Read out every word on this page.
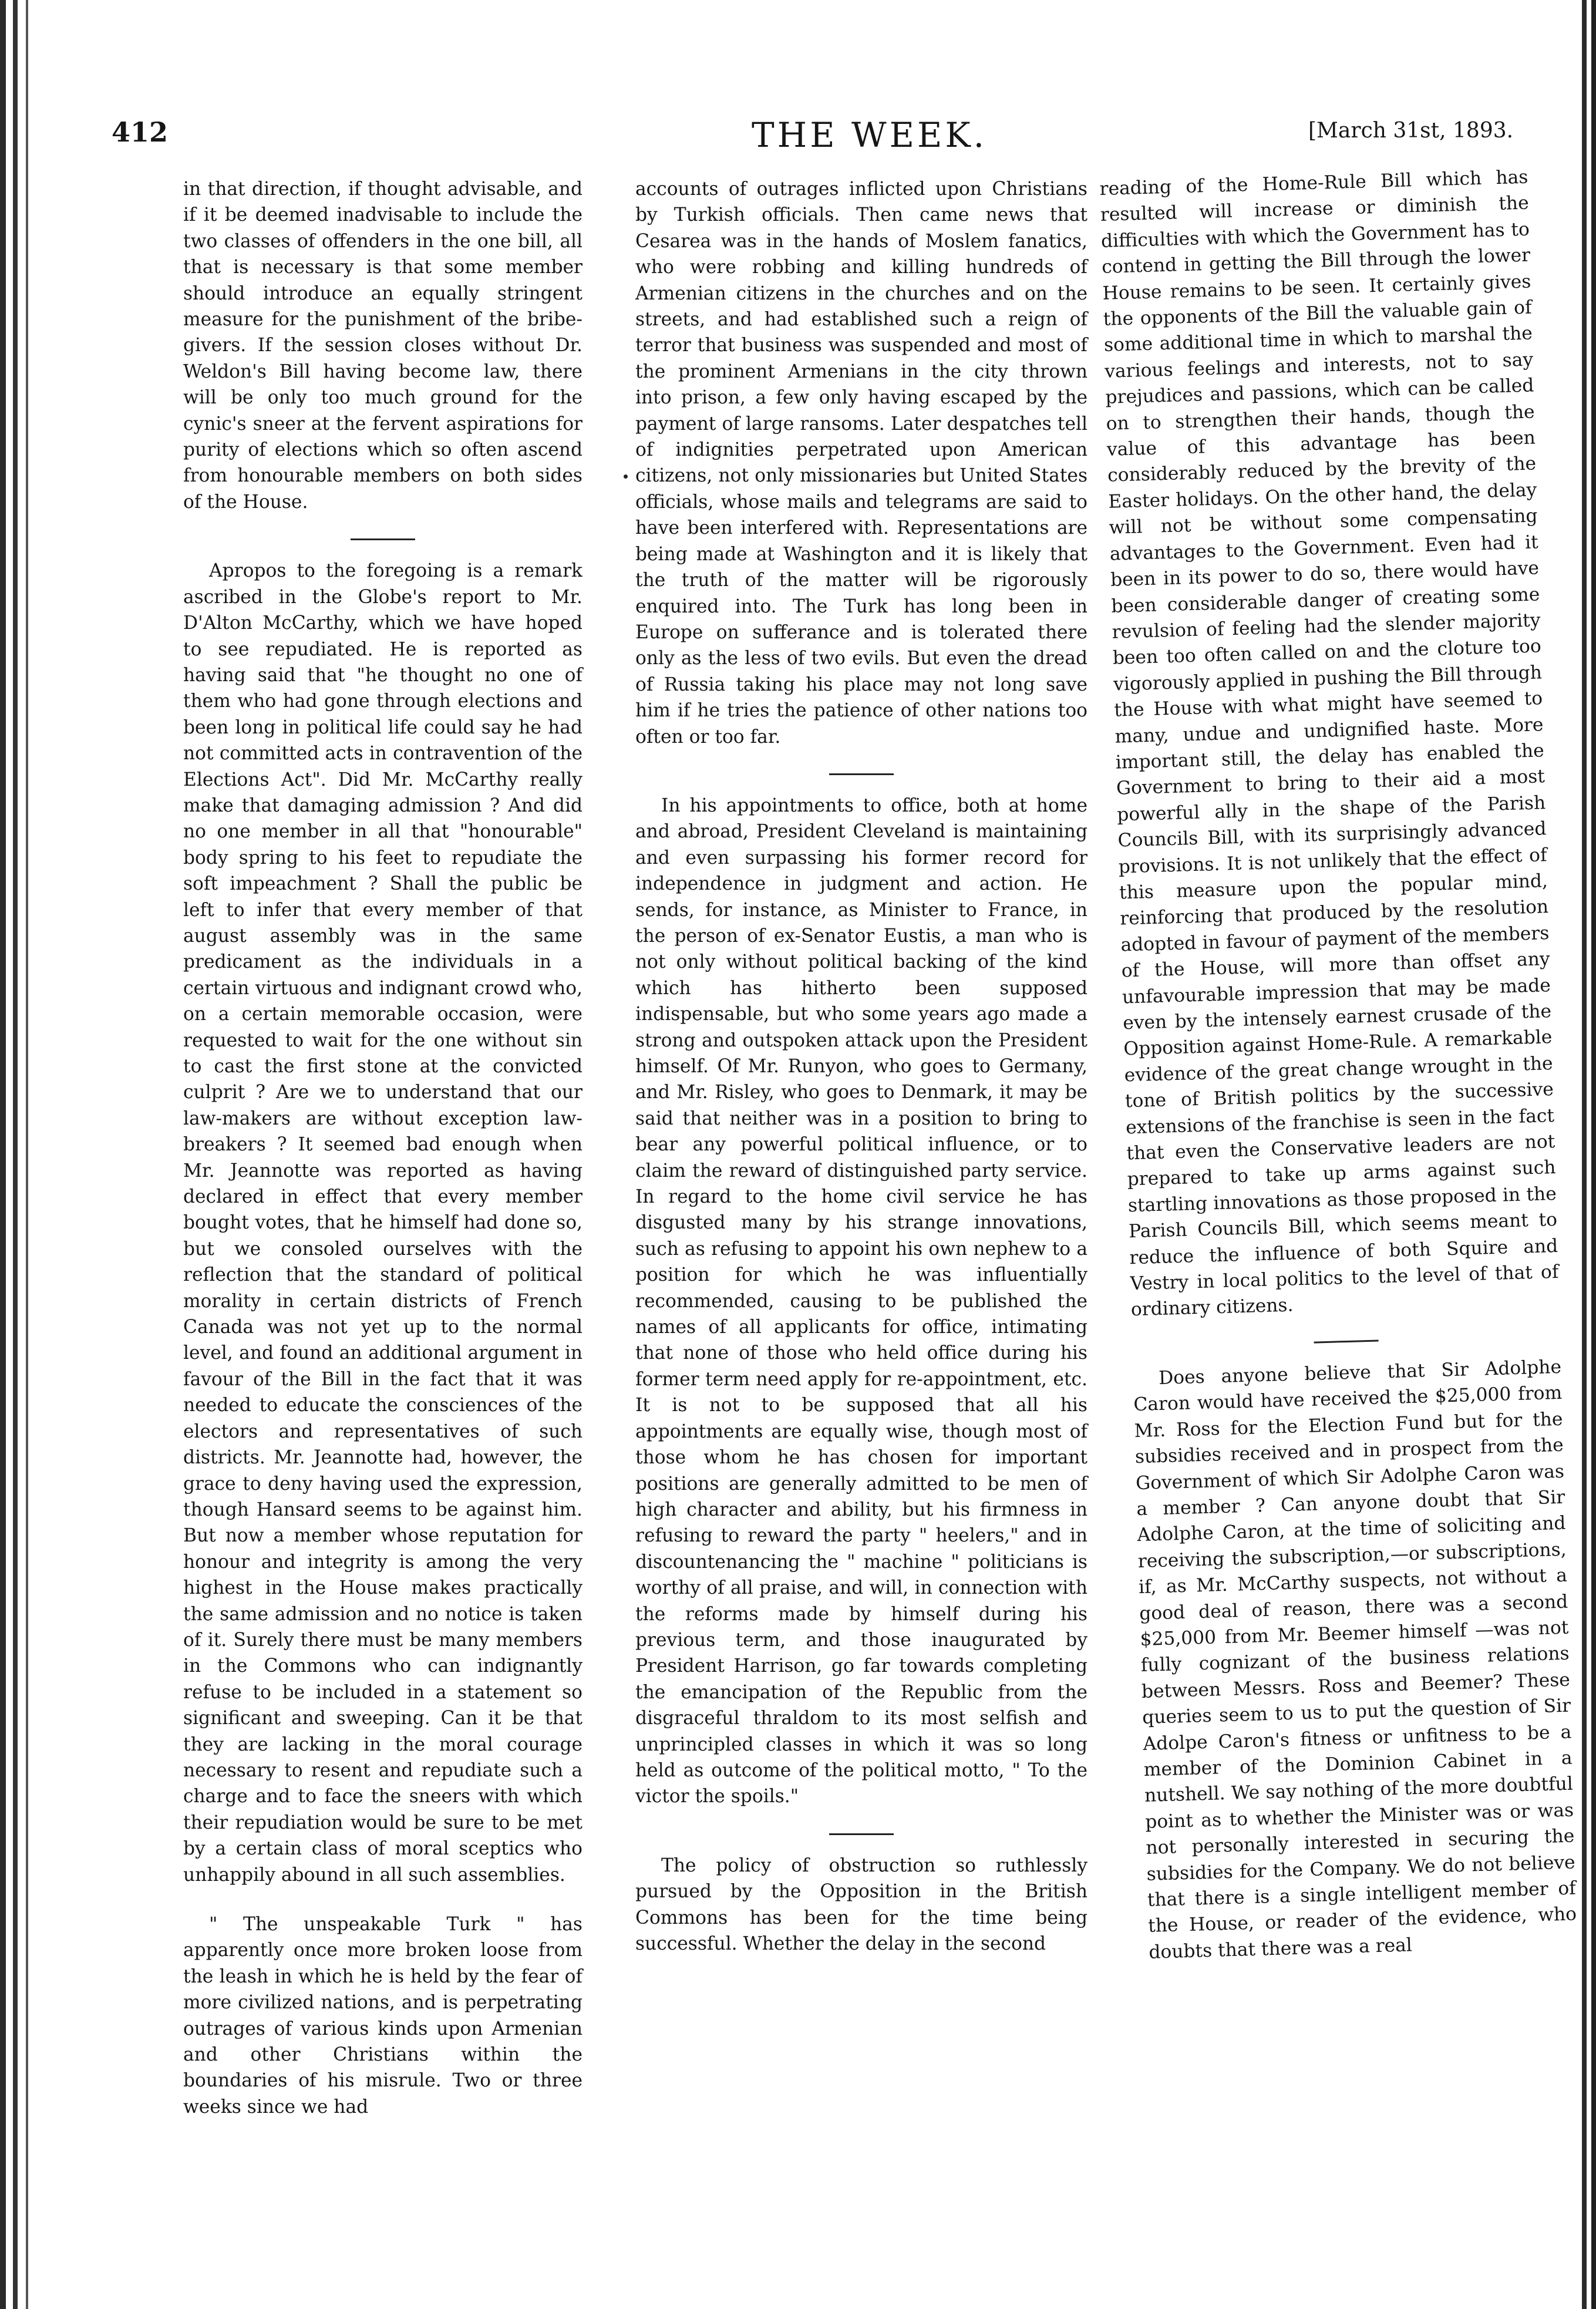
412	THE WEEK.	[March 31st, 1893.

in that direction, if thought advisable, and if it be deemed inadvisable to include the two classes of offenders in the one bill, all that is necessary is that some member should introduce an equally stringent measure for the punishment of the bribe-givers. If the session closes without Dr. Weldon's Bill having become law, there will be only too much ground for the cynic's sneer at the fervent aspirations for purity of elections which so often ascend from honourable members on both sides of the House.

Apropos to the foregoing is a remark ascribed in the Globe's report to Mr. D'Alton McCarthy, which we have hoped to see repudiated. He is reported as having said that "he thought no one of them who had gone through elections and been long in political life could say he had not committed acts in contravention of the Elections Act". Did Mr. McCarthy really make that damaging admission ? And did no one member in all that "honourable" body spring to his feet to repudiate the soft impeachment ? Shall the public be left to infer that every member of that august assembly was in the same predicament as the individuals in a certain virtuous and indignant crowd who, on a certain memorable occasion, were requested to wait for the one without sin to cast the first stone at the convicted culprit ? Are we to understand that our law-makers are without exception law-breakers ? It seemed bad enough when Mr. Jeannotte was reported as having declared in effect that every member bought votes, that he himself had done so, but we consoled ourselves with the reflection that the standard of political morality in certain districts of French Canada was not yet up to the normal level, and found an additional argument in favour of the Bill in the fact that it was needed to educate the consciences of the electors and representatives of such districts. Mr. Jeannotte had, however, the grace to deny having used the expression, though Hansard seems to be against him. But now a member whose reputation for honour and integrity is among the very highest in the House makes practically the same admission and no notice is taken of it. Surely there must be many members in the Commons who can indignantly refuse to be included in a statement so significant and sweeping. Can it be that they are lacking in the moral courage necessary to resent and repudiate such a charge and to face the sneers with which their repudiation would be sure to be met by a certain class of moral sceptics who unhappily abound in all such assemblies.

" The unspeakable Turk " has apparently once more broken loose from the leash in which he is held by the fear of more civilized nations, and is perpetrating outrages of various kinds upon Armenian and other Christians within the boundaries of his misrule. Two or three weeks since we had

accounts of outrages inflicted upon Christians by Turkish officials. Then came news that Cesarea was in the hands of Moslem fanatics, who were robbing and killing hundreds of Armenian citizens in the churches and on the streets, and had established such a reign of terror that business was suspended and most of the prominent Armenians in the city thrown into prison, a few only having escaped by the payment of large ransoms. Later despatches tell of indignities perpetrated upon American citizens, not only missionaries but United States officials, whose mails and telegrams are said to have been interfered with. Representations are being made at Washington and it is likely that the truth of the matter will be rigorously enquired into. The Turk has long been in Europe on sufferance and is tolerated there only as the less of two evils. But even the dread of Russia taking his place may not long save him if he tries the patience of other nations too often or too far.

In his appointments to office, both at home and abroad, President Cleveland is maintaining and even surpassing his former record for independence in judgment and action. He sends, for instance, as Minister to France, in the person of ex-Senator Eustis, a man who is not only without political backing of the kind which has hitherto been supposed indispensable, but who some years ago made a strong and outspoken attack upon the President himself. Of Mr. Runyon, who goes to Germany, and Mr. Risley, who goes to Denmark, it may be said that neither was in a position to bring to bear any powerful political influence, or to claim the reward of distinguished party service. In regard to the home civil service he has disgusted many by his strange innovations, such as refusing to appoint his own nephew to a position for which he was influentially recommended, causing to be published the names of all applicants for office, intimating that none of those who held office during his former term need apply for re-appointment, etc. It is not to be supposed that all his appointments are equally wise, though most of those whom he has chosen for important positions are generally admitted to be men of high character and ability, but his firmness in refusing to reward the party " heelers," and in discountenancing the " machine " politicians is worthy of all praise, and will, in connection with the reforms made by himself during his previous term, and those inaugurated by President Harrison, go far towards completing the emancipation of the Republic from the disgraceful thraldom to its most selfish and unprincipled classes in which it was so long held as outcome of the political motto, " To the victor the spoils."

The policy of obstruction so ruthlessly pursued by the Opposition in the British Commons has been for the time being successful. Whether the delay in the second

reading of the Home-Rule Bill which has resulted will increase or diminish the difficulties with which the Government has to contend in getting the Bill through the lower House remains to be seen. It certainly gives the opponents of the Bill the valuable gain of some additional time in which to marshal the various feelings and interests, not to say prejudices and passions, which can be called on to strengthen their hands, though the value of this advantage has been considerably reduced by the brevity of the Easter holidays. On the other hand, the delay will not be without some compensating advantages to the Government. Even had it been in its power to do so, there would have been considerable danger of creating some revulsion of feeling had the slender majority been too often called on and the cloture too vigorously applied in pushing the Bill through the House with what might have seemed to many, undue and undignified haste. More important still, the delay has enabled the Government to bring to their aid a most powerful ally in the shape of the Parish Councils Bill, with its surprisingly advanced provisions. It is not unlikely that the effect of this measure upon the popular mind, reinforcing that produced by the resolution adopted in favour of payment of the members of the House, will more than offset any unfavourable impression that may be made even by the intensely earnest crusade of the Opposition against Home-Rule. A remarkable evidence of the great change wrought in the tone of British politics by the successive extensions of the franchise is seen in the fact that even the Conservative leaders are not prepared to take up arms against such startling innovations as those proposed in the Parish Councils Bill, which seems meant to reduce the influence of both Squire and Vestry in local politics to the level of that of ordinary citizens.

Does anyone believe that Sir Adolphe Caron would have received the $25,000 from Mr. Ross for the Election Fund but for the subsidies received and in prospect from the Government of which Sir Adolphe Caron was a member ? Can anyone doubt that Sir Adolphe Caron, at the time of soliciting and receiving the subscription,—or subscriptions, if, as Mr. McCarthy suspects, not without a good deal of reason, there was a second $25,000 from Mr. Beemer himself —was not fully cognizant of the business relations between Messrs. Ross and Beemer? These queries seem to us to put the question of Sir Adolpe Caron's fitness or unfitness to be a member of the Dominion Cabinet in a nutshell. We say nothing of the more doubtful point as to whether the Minister was or was not personally interested in securing the subsidies for the Company. We do not believe that there is a single intelligent member of the House, or reader of the evidence, who doubts that there was a real
